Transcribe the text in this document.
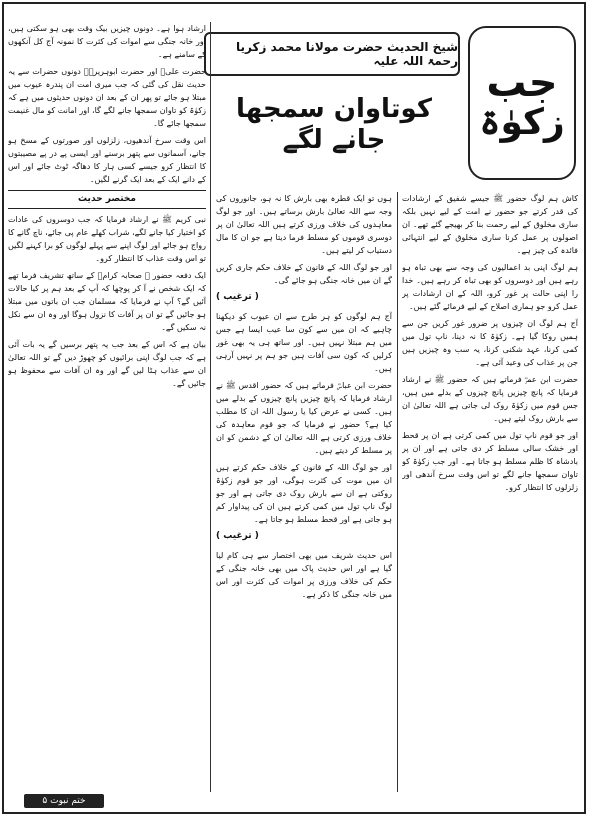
جب
زکوٰۃ
شیخ الحدیث حضرت مولانا محمد زکریا رحمۃ اللہ علیہ
کوتاوان سمجھا جانے لگے

کاش ہم لوگ حضور ﷺ جیسے شفیق کے ارشادات کی قدر کرتے جو حضور نے امت کے لیے نہیں بلکہ ساری مخلوق کے لیے رحمت بنا کر بھیجے گئے تھے۔ ان اصولوں پر عمل کرنا ساری مخلوق کے لیے انتہائی فائدہ کی چیز ہے۔

ہم لوگ اپنی بد اعمالیوں کی وجہ سے بھی تباہ ہو رہے ہیں اور دوسروں کو بھی تباہ کر رہے ہیں۔ خدا را اپنی حالت پر غور کرو، اللہ کے ان ارشادات پر عمل کرو جو ہماری اصلاح کے لیے فرمائے گئے ہیں۔

آج ہم لوگ ان چیزوں پر ضرور غور کریں جن سے ہمیں روکا گیا ہے۔ زکوٰۃ کا نہ دینا، ناپ تول میں کمی کرنا، عہد شکنی کرنا، یہ سب وہ چیزیں ہیں جن پر عذاب کی وعید آئی ہے۔

حضرت ابن عمرؓ فرماتے ہیں کہ حضور ﷺ نے ارشاد فرمایا کہ پانچ چیزیں پانچ چیزوں کے بدلے میں ہیں، جس قوم میں زکوٰۃ روک لی جاتی ہے اللہ تعالیٰ ان سے بارش روک لیتے ہیں۔

اور جو قوم ناپ تول میں کمی کرتی ہے ان پر قحط اور خشک سالی مسلط کر دی جاتی ہے اور ان پر بادشاہ کا ظلم مسلط ہو جاتا ہے۔ اور جب زکوٰۃ کو تاوان سمجھا جانے لگے تو اس وقت سرخ آندھی اور زلزلوں کا انتظار کرو۔

ہوں تو ایک قطرہ بھی بارش کا نہ ہو، جانوروں کی وجہ سے اللہ تعالیٰ بارش برساتے ہیں۔ اور جو لوگ معاہدوں کی خلاف ورزی کرتے ہیں اللہ تعالیٰ ان پر دوسری قوموں کو مسلط فرما دیتا ہے جو ان کا مال دستیاب کر لیتے ہیں۔

اور جو لوگ اللہ کے قانون کے خلاف حکم جاری کریں گے ان میں خانہ جنگی ہو جائے گی۔

( ترغیب )

آج ہم لوگوں کو ہر طرح سے ان عیوب کو دیکھنا چاہیے کہ ان میں سے کون سا عیب ایسا ہے جس میں ہم مبتلا نہیں ہیں۔ اور ساتھ ہی یہ بھی غور کرلیں کہ کون سی آفات ہیں جو ہم پر نہیں آرہی ہیں۔

حضرت ابن عباسؓ فرماتے ہیں کہ حضور اقدس ﷺ نے ارشاد فرمایا کہ پانچ چیزیں پانچ چیزوں کے بدلے میں ہیں۔ کسی نے عرض کیا یا رسول اللہ ان کا مطلب کیا ہے؟ حضور نے فرمایا کہ جو قوم معاہدہ کی خلاف ورزی کرتی ہے اللہ تعالیٰ ان کے دشمن کو ان پر مسلط کر دیتے ہیں۔

اور جو لوگ اللہ کے قانون کے خلاف حکم کرتے ہیں ان میں موت کی کثرت ہوگی، اور جو قوم زکوٰۃ روکتی ہے ان سے بارش روک دی جاتی ہے اور جو لوگ ناپ تول میں کمی کرتے ہیں ان کی پیداوار کم ہو جاتی ہے اور قحط مسلط ہو جاتا ہے۔

( ترغیب )

اس حدیث شریف میں بھی اختصار سے ہی کام لیا گیا ہے اور اس حدیث پاک میں بھی خانہ جنگی کے حکم کی خلاف ورزی پر اموات کی کثرت اور اس میں خانہ جنگی کا ذکر ہے۔

ارشاد ہوا ہے۔ دونوں چیزیں بیک وقت بھی ہو سکتی ہیں، اور خانہ جنگی سے اموات کی کثرت کا نمونہ آج کل آنکھوں کے سامنے ہے۔

حضرت علیؓ اور حضرت ابوہریرہؓ دونوں حضرات سے یہ حدیث نقل کی گئی کہ جب میری امت ان پندرہ عیوب میں مبتلا ہو جائے تو پھر ان کے بعد ان دونوں حدیثوں میں ہے کہ زکوٰۃ کو تاوان سمجھا جانے لگے گا، اور امانت کو مال غنیمت سمجھا جائے گا۔

اس وقت سرخ آندھیوں، زلزلوں اور صورتوں کے مسخ ہو جانے، آسمانوں سے پتھر برسنے اور ایسی پے در پے مصیبتوں کا انتظار کرو جیسے کسی ہار کا دھاگہ ٹوٹ جائے اور اس کے دانے ایک کے بعد ایک گرنے لگیں۔

مختصر حدیث

نبی کریم ﷺ نے ارشاد فرمایا کہ جب دوسروں کی عادات کو اختیار کیا جانے لگے، شراب کھلے عام پی جائے، ناچ گانے کا رواج ہو جائے اور لوگ اپنے سے پہلے لوگوں کو برا کہنے لگیں تو اس وقت عذاب کا انتظار کرو۔

ایک دفعہ حضور ﷺ صحابہ کرامؓ کے ساتھ تشریف فرما تھے کہ ایک شخص نے آ کر پوچھا کہ آپ کے بعد ہم پر کیا حالات آئیں گے؟ آپ نے فرمایا کہ مسلمان جب ان باتوں میں مبتلا ہو جائیں گے تو ان پر آفات کا نزول ہوگا اور وہ ان سے نکل نہ سکیں گے۔

بیان ہے کہ اس کے بعد جب یہ پتھر برسیں گے یہ بات آئی ہے کہ جب لوگ اپنی برائیوں کو چھوڑ دیں گے تو اللہ تعالیٰ ان سے عذاب ہٹا لیں گے اور وہ ان آفات سے محفوظ ہو جائیں گے۔

ختم نبوت ۵
